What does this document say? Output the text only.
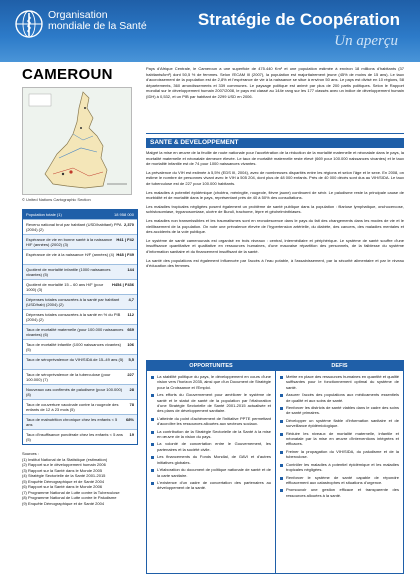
Organisation
mondiale de la Santé	Stratégie de Coopération
Un aperçu
CAMEROUN
© United Nations Cartographic Section
Population totale (1)	18 958 000
Revenu national brut par habitant (USD/habitant) PPA (2004) (2)
2,370
Espérance de vie en bonne santé à la naissance H/F (années) (2002) (3)
H41 | F42
Espérance de vie à la naissance H/F (années) (4) H48 | F49
Quotient de mortalité infantile (1000 naissances vivantes) (5)
144
Quotient de mortalité 15 – 60 ans H/F (pour 1000) (3)
H454 | F436
Dépenses totales consacrées à la santé par habitant (USD/hab) (2004) (2)
4,7
Dépenses totales consacrées à la santé en % du PIB (2004) (2)
112
Taux de mortalité maternelle (pour 100.000 naissances vivantes) (6)
669
Taux de mortalité infantile (1000 naissances vivantes) (5)
106
Taux de séroprévalence du VIH/SIDA de 15–49 ans (5)	5,5
Taux de séroprévalence de la tuberculose (pour 100.000) (7)
227
Nouveaux cas confirmés de paludisme (pour 100.000) (8)
28
Taux de couverture vaccinale contre la rougeole des enfants de 12 à 23 mois (5)
78
Taux de malnutrition chronique chez les enfants < 5 ans
68%
Taux d'insuffisance pondérale chez les enfants < 5 ans (5)
19
Sources :
(1) Institut National de la Statistique (estimation)
(2) Rapport sur le développement humain 2006
(3) Rapport sur la Santé dans le Monde 2005
(4) Stratégie Sectorielle de la Santé 2001-2015
(5) Enquête Démographique et de Santé 2004
(6) Rapport sur la Santé dans le Monde 2006
(7) Programme National de Lutte contre la Tuberculose
(8) Programme National de Lutte contre le Paludisme
(9) Enquête Démographique et de Santé 2004
Pays d'Afrique Centrale, le Cameroun a une superficie de 475.440 Km² et une population estimée à environ 18 millions d'habitants (37 habitants/km²) dont 50,5 % de femmes. Selon l'ECAM III (2007), la population est majoritairement jeune (45% de moins de 15 ans). Le taux d'accroissement de la population est de 2,8% et l'espérance de vie à la naissance se situe à environ 50 ans. Le pays est divisé en 10 régions, 58 départements, 360 arrondissements et 339 communes. Le paysage politique est animé par plus de 200 partis politiques. Selon le Rapport mondial sur le développement humain 2007/2008, le pays est classé au 144e rang sur les 177 classés avec un indice de développement humain (IDH) à 0,532, et un PIB par habitant de 2299 USD en 2006.
SANTE & DEVELOPPEMENT

Malgré la mise en œuvre de la feuille de route nationale pour l'accélération de la réduction de la mortalité maternelle et néonatale dans le pays, la mortalité maternelle et néonatale demeure élevée. Le taux de mortalité maternelle reste élevé (669 pour 100.000 naissances vivantes) et le taux de mortalité infantile est de 74 pour 1000 naissances vivantes.

La prévalence du VIH est estimée à 5,5% (EDS III, 2004), avec de nombreuses disparités entre les régions et selon l'âge et le sexe. En 2008, on estime le nombre de personnes vivant avec le VIH à 505 204, dont plus de 48 000 enfants. Près de 40 000 décès sont dus au VIH/SIDA. Le taux de tuberculose est de 227 pour 100.000 habitants.

Les maladies à potentiel épidémique (choléra, méningite, rougeole, fièvre jaune) continuent de sévir. Le paludisme reste la principale cause de morbidité et de mortalité dans le pays, représentant près de 40 à 50% des consultations.

Les maladies tropicales négligées posent également un problème de santé publique dans la population : filariose lymphatique, onchocercose, schistosomiase, trypanosomiase, ulcère de Buruli, trachome, lèpre et géohelminthiases.

Les maladies non transmissibles et les traumatismes sont en recrudescence dans le pays du fait des changements dans les modes de vie et le vieillissement de la population. On note une prévalence élevée de l'hypertension artérielle, du diabète, des cancers, des maladies mentales et des accidents de la voie publique.

Le système de santé camerounais est organisé en trois niveaux : central, intermédiaire et périphérique. Le système de santé souffre d'une insuffisance quantitative et qualitative en ressources humaines, d'une mauvaise répartition des personnels, de la faiblesse du système d'information sanitaire et du financement insuffisant de la santé.

La santé des populations est également influencée par l'accès à l'eau potable, à l'assainissement, par la sécurité alimentaire et par le niveau d'éducation des femmes.

OPPORTUNITES
La stabilité politique du pays, le développement en cours d'une vision vers l'horizon 2035, ainsi que d'un Document de Stratégie pour la Croissance et l'Emploi.
Les efforts du Gouvernement pour améliorer le système de santé et le statut de santé de la population par l'élaboration d'une Stratégie Sectorielle de Santé 2001-2015 actualisée et des plans de développement sanitaire.
L'atteinte du point d'achèvement de l'initiative PPTE permettant d'accroître les ressources allouées aux secteurs sociaux.
La contribution de la Stratégie Sectorielle de la Santé à la mise en œuvre de la vision du pays.
La volonté de concertation entre le Gouvernement, les partenaires et la société civile.
Les financements du Fonds Mondial, de GAVI et d'autres initiatives globales.
L'élaboration du document de politique nationale de santé et de la carte sanitaire.
L'existence d'un cadre de concertation des partenaires au développement de la santé.
DEFIS
Mettre en place des ressources humaines en quantité et qualité suffisantes pour le fonctionnement optimal du système de santé.
Assurer l'accès des populations aux médicaments essentiels de qualité et aux soins de santé.
Renforcer les districts de santé viables dans le cadre des soins de santé primaires.
Développer un système fiable d'information sanitaire et de surveillance épidémiologique.
Réduire les niveaux de mortalité maternelle, infantile et néonatale par la mise en œuvre d'interventions intégrées et efficaces.
Freiner la propagation du VIH/SIDA, du paludisme et de la tuberculose.
Contrôler les maladies à potentiel épidémique et les maladies tropicales négligées.
Renforcer le système de santé capable de répondre efficacement aux catastrophes et situations d'urgence.
Promouvoir une gestion efficace et transparente des ressources allouées à la santé.
